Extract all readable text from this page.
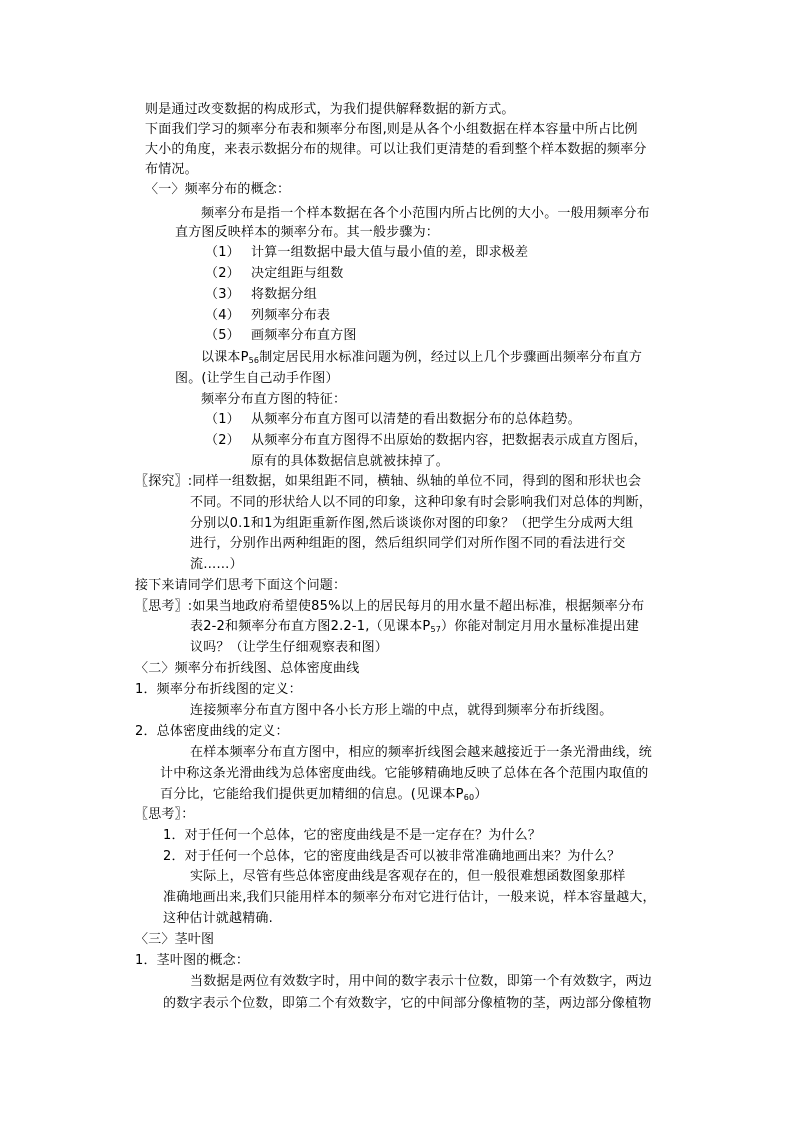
则是通过改变数据的构成形式，为我们提供解释数据的新方式。
下面我们学习的频率分布表和频率分布图,则是从各个小组数据在样本容量中所占比例
大小的角度，来表示数据分布的规律。可以让我们更清楚的看到整个样本数据的频率分
布情况。
〈一〉频率分布的概念：
频率分布是指一个样本数据在各个小范围内所占比例的大小。一般用频率分布
直方图反映样本的频率分布。其一般步骤为：
（1） 计算一组数据中最大值与最小值的差，即求极差
（2） 决定组距与组数
（3） 将数据分组
（4） 列频率分布表
（5） 画频率分布直方图
以课本$P_{56}$制定居民用水标准问题为例，经过以上几个步骤画出频率分布直方
图。(让学生自己动手作图）
频率分布直方图的特征：
（1） 从频率分布直方图可以清楚的看出数据分布的总体趋势。
（2） 从频率分布直方图得不出原始的数据内容，把数据表示成直方图后，
原有的具体数据信息就被抹掉了。
〖探究〗:同样一组数据，如果组距不同，横轴、纵轴的单位不同，得到的图和形状也会
不同。不同的形状给人以不同的印象，这种印象有时会影响我们对总体的判断，
分别以0.1和1为组距重新作图,然后谈谈你对图的印象？（把学生分成两大组
进行，分别作出两种组距的图，然后组织同学们对所作图不同的看法进行交
流……）
接下来请同学们思考下面这个问题：
〖思考〗:如果当地政府希望使85%以上的居民每月的用水量不超出标准，根据频率分布
表2-2和频率分布直方图2.2-1,（见课本$P_{57}$）你能对制定月用水量标准提出建
议吗？（让学生仔细观察表和图）
〈二〉频率分布折线图、总体密度曲线
1．频率分布折线图的定义：
连接频率分布直方图中各小长方形上端的中点，就得到频率分布折线图。
2．总体密度曲线的定义：
在样本频率分布直方图中，相应的频率折线图会越来越接近于一条光滑曲线，统
计中称这条光滑曲线为总体密度曲线。它能够精确地反映了总体在各个范围内取值的
百分比，它能给我们提供更加精细的信息。(见课本$P_{60}$）
〖思考〗：
1．对于任何一个总体，它的密度曲线是不是一定存在？为什么？
2．对于任何一个总体，它的密度曲线是否可以被非常准确地画出来？为什么？
实际上，尽管有些总体密度曲线是客观存在的，但一般很难想函数图象那样
准确地画出来,我们只能用样本的频率分布对它进行估计，一般来说，样本容量越大，
这种估计就越精确.
〈三〉茎叶图
1．茎叶图的概念：
当数据是两位有效数字时，用中间的数字表示十位数，即第一个有效数字，两边
的数字表示个位数，即第二个有效数字，它的中间部分像植物的茎，两边部分像植物
